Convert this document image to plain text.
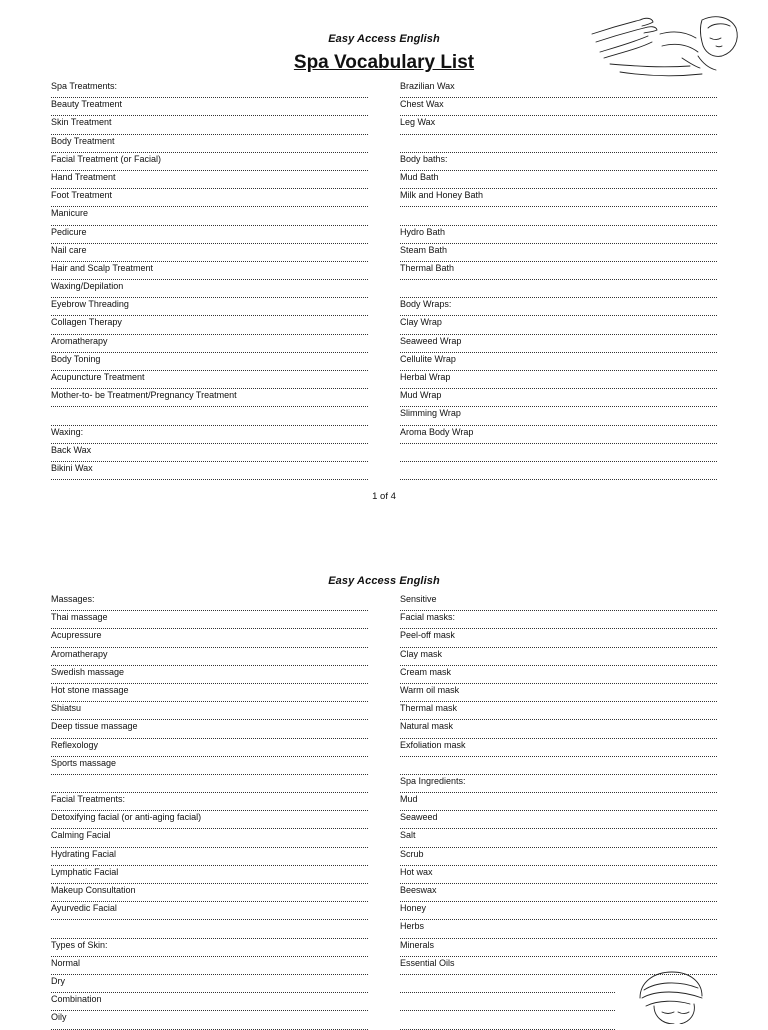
Easy Access English
Spa Vocabulary List
Spa Treatments:
Beauty Treatment
Skin Treatment
Body Treatment
Facial Treatment (or Facial)
Hand Treatment
Foot Treatment
Manicure
Pedicure
Nail care
Hair and Scalp Treatment
Waxing/Depilation
Eyebrow Threading
Collagen Therapy
Aromatherapy
Body Toning
Acupuncture Treatment
Mother-to- be Treatment/Pregnancy Treatment
Waxing:
Back Wax
Bikini Wax
Brazilian Wax
Chest Wax
Leg Wax
Body baths:
Mud Bath
Milk and Honey Bath
Hydro Bath
Steam Bath
Thermal Bath
Body Wraps:
Clay Wrap
Seaweed Wrap
Cellulite Wrap
Herbal Wrap
Mud Wrap
Slimming Wrap
Aroma Body Wrap
1 of 4
Easy Access English
Massages:
Thai massage
Acupressure
Aromatherapy
Swedish massage
Hot stone massage
Shiatsu
Deep tissue massage
Reflexology
Sports massage
Facial Treatments:
Detoxifying facial (or anti-aging facial)
Calming Facial
Hydrating Facial
Lymphatic Facial
Makeup Consultation
Ayurvedic Facial
Types of Skin:
Normal
Dry
Combination
Oily
Sensitive
Facial masks:
Peel-off mask
Clay mask
Cream mask
Warm oil mask
Thermal mask
Natural mask
Exfoliation mask
Spa Ingredients:
Mud
Seaweed
Salt
Scrub
Hot wax
Beeswax
Honey
Herbs
Minerals
Essential Oils
